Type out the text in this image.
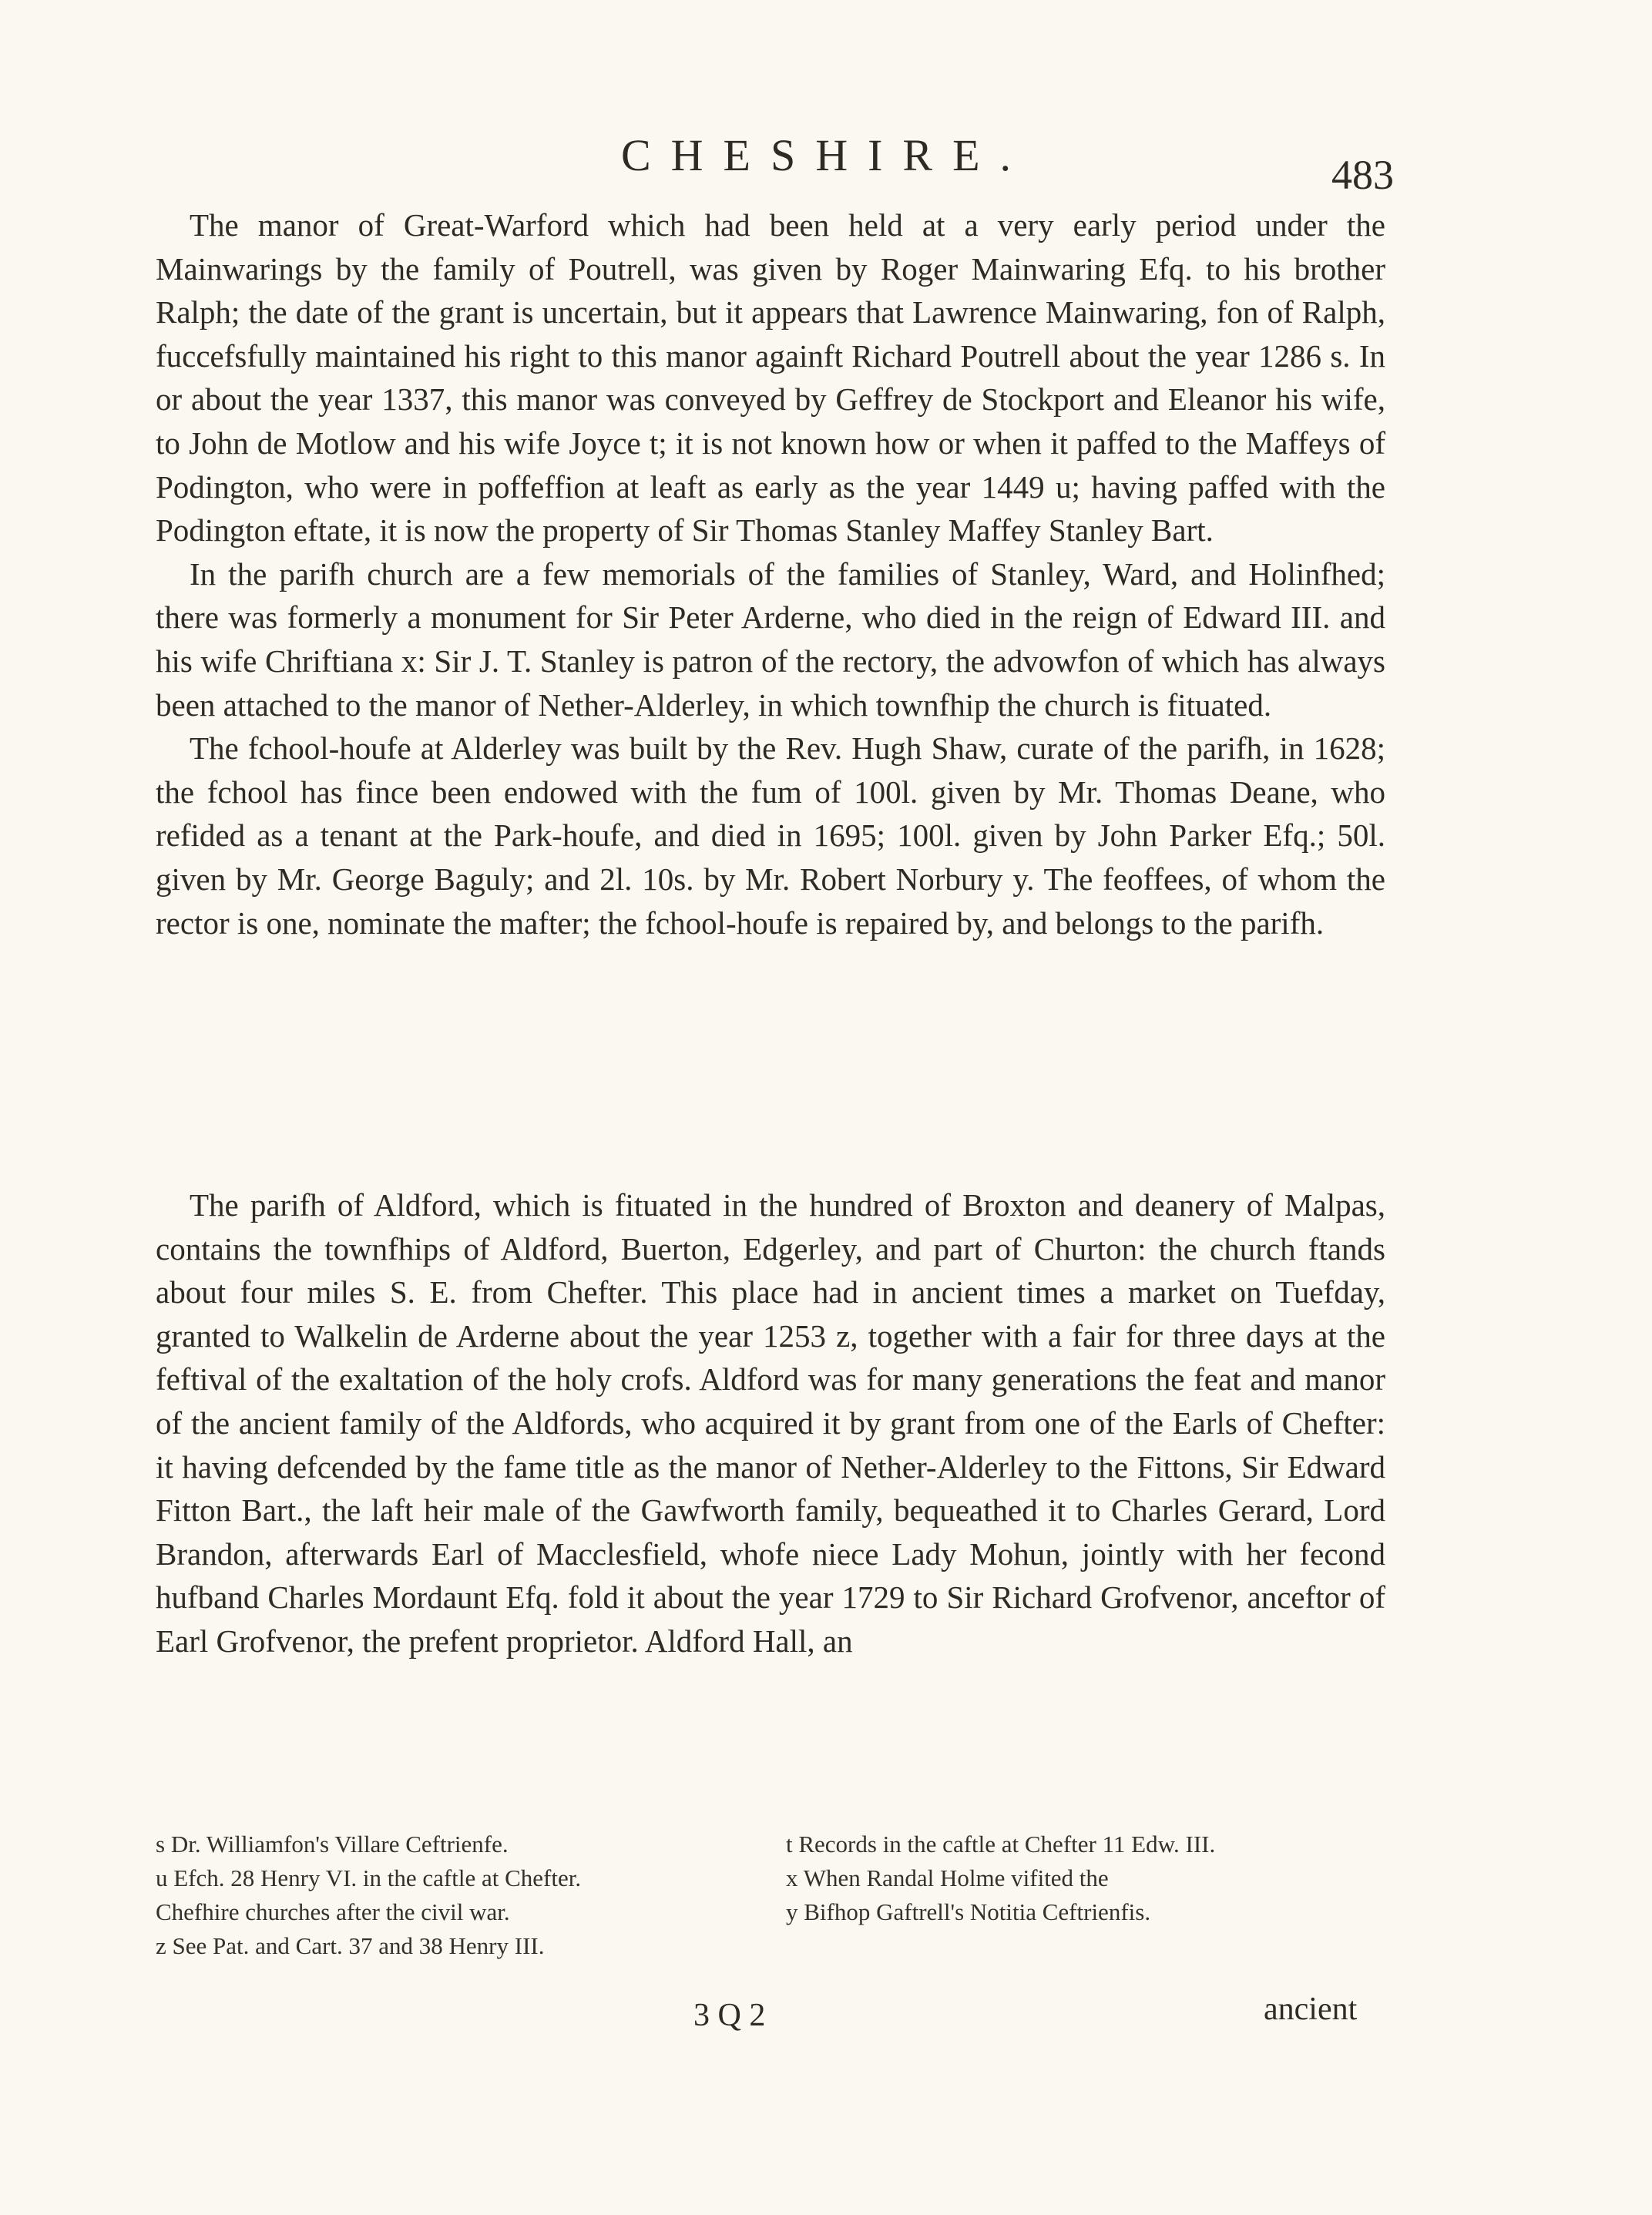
CHESHIRE.	483

The manor of Great-Warford which had been held at a very early period under the Mainwarings by the family of Poutrell, was given by Roger Mainwaring Efq. to his brother Ralph; the date of the grant is uncertain, but it appears that Lawrence Mainwaring, fon of Ralph, fuccefsfully maintained his right to this manor againft Richard Poutrell about the year 1286 s. In or about the year 1337, this manor was conveyed by Geffrey de Stockport and Eleanor his wife, to John de Motlow and his wife Joyce t; it is not known how or when it paffed to the Maffeys of Podington, who were in poffeffion at leaft as early as the year 1449 u; having paffed with the Podington eftate, it is now the property of Sir Thomas Stanley Maffey Stanley Bart.

In the parifh church are a few memorials of the families of Stanley, Ward, and Holinfhed; there was formerly a monument for Sir Peter Arderne, who died in the reign of Edward III. and his wife Chriftiana x: Sir J. T. Stanley is patron of the rectory, the advowfon of which has always been attached to the manor of Nether-Alderley, in which townfhip the church is fituated.

The fchool-houfe at Alderley was built by the Rev. Hugh Shaw, curate of the parifh, in 1628; the fchool has fince been endowed with the fum of 100l. given by Mr. Thomas Deane, who refided as a tenant at the Park-houfe, and died in 1695; 100l. given by John Parker Efq.; 50l. given by Mr. George Baguly; and 2l. 10s. by Mr. Robert Norbury y. The feoffees, of whom the rector is one, nominate the mafter; the fchool-houfe is repaired by, and belongs to the parifh.

The parifh of Aldford, which is fituated in the hundred of Broxton and deanery of Malpas, contains the townfhips of Aldford, Buerton, Edgerley, and part of Churton: the church ftands about four miles S. E. from Chefter. This place had in ancient times a market on Tuefday, granted to Walkelin de Arderne about the year 1253 z, together with a fair for three days at the feftival of the exaltation of the holy crofs. Aldford was for many generations the feat and manor of the ancient family of the Aldfords, who acquired it by grant from one of the Earls of Chefter: it having defcended by the fame title as the manor of Nether-Alderley to the Fittons, Sir Edward Fitton Bart., the laft heir male of the Gawfworth family, bequeathed it to Charles Gerard, Lord Brandon, afterwards Earl of Macclesfield, whofe niece Lady Mohun, jointly with her fecond hufband Charles Mordaunt Efq. fold it about the year 1729 to Sir Richard Grofvenor, anceftor of Earl Grofvenor, the prefent proprietor. Aldford Hall, an

s Dr. Williamfon's Villare Ceftrienfe.	t Records in the caftle at Chefter 11 Edw. III.
u Efch. 28 Henry VI. in the caftle at Chefter.	x When Randal Holme vifited the
Chefhire churches after the civil war.	y Bifhop Gaftrell's Notitia Ceftrienfis.
z See Pat. and Cart. 37 and 38 Henry III.
3 Q 2	ancient
